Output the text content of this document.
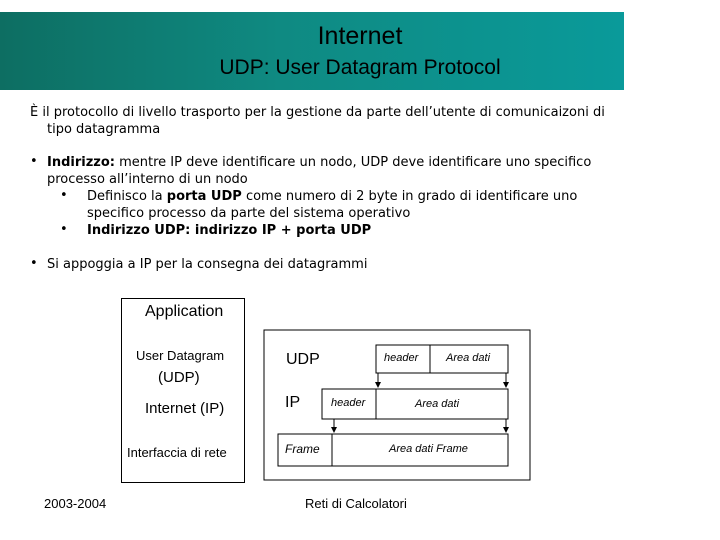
Internet
UDP: User Datagram Protocol
È il protocollo di livello trasporto per la gestione da parte dell’utente di comunicaizoni di
tipo datagramma
• Indirizzo: mentre IP deve identificare un nodo, UDP deve identificare uno specifico
processo all’interno di un nodo
• Definisco la porta UDP come numero di 2 byte in grado di identificare uno
specifico processo da parte del sistema operativo
• Indirizzo UDP: indirizzo IP + porta UDP
• Si appoggia a IP per la consegna dei datagrammi
Application
User Datagram
(UDP)
Internet (IP)
Interfaccia di rete
UDP
IP
Frame
header	Area dati
header	Area dati
Area dati Frame
2003-2004	Reti di Calcolatori
